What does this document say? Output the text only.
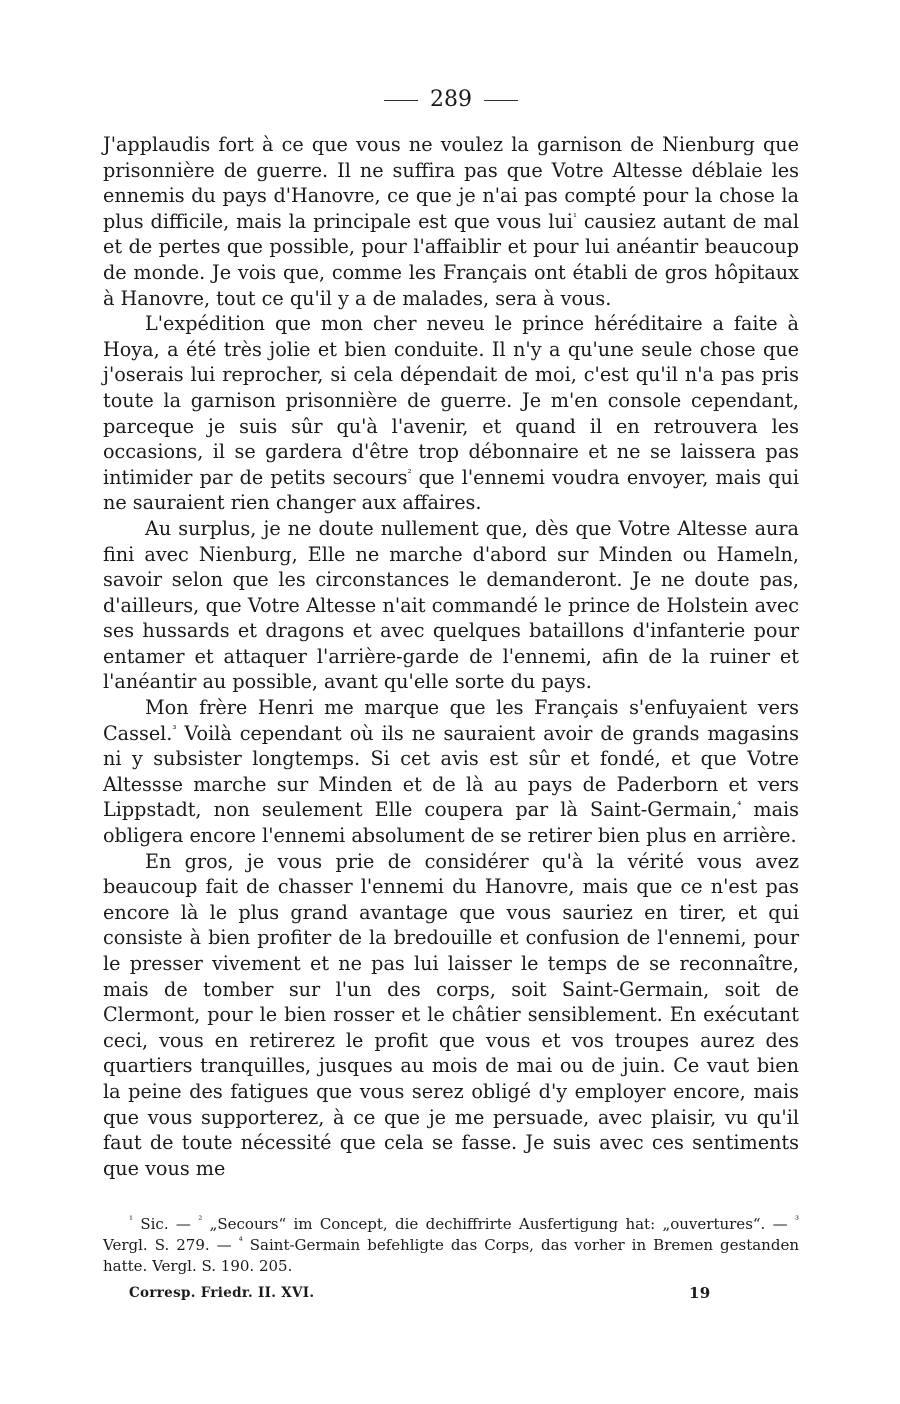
289

J'applaudis fort à ce que vous ne voulez la garnison de Nienburg que prisonnière de guerre. Il ne suffira pas que Votre Altesse déblaie les ennemis du pays d'Hanovre, ce que je n'ai pas compté pour la chose la plus difficile, mais la principale est que vous lui$^{^1}$ causiez autant de mal et de pertes que possible, pour l'affaiblir et pour lui anéantir beaucoup de monde. Je vois que, comme les Français ont établi de gros hôpitaux à Hanovre, tout ce qu'il y a de malades, sera à vous.

L'expédition que mon cher neveu le prince héréditaire a faite à Hoya, a été très jolie et bien conduite. Il n'y a qu'une seule chose que j'oserais lui reprocher, si cela dépendait de moi, c'est qu'il n'a pas pris toute la garnison prisonnière de guerre. Je m'en console cependant, parceque je suis sûr qu'à l'avenir, et quand il en retrouvera les occasions, il se gardera d'être trop débonnaire et ne se laissera pas intimider par de petits secours$^{^2}$ que l'ennemi voudra envoyer, mais qui ne sauraient rien changer aux affaires.

Au surplus, je ne doute nullement que, dès que Votre Altesse aura fini avec Nienburg, Elle ne marche d'abord sur Minden ou Hameln, savoir selon que les circonstances le demanderont. Je ne doute pas, d'ailleurs, que Votre Altesse n'ait commandé le prince de Holstein avec ses hussards et dragons et avec quelques bataillons d'infanterie pour entamer et attaquer l'arrière-garde de l'ennemi, afin de la ruiner et l'anéantir au possible, avant qu'elle sorte du pays.

Mon frère Henri me marque que les Français s'enfuyaient vers Cassel.$^{^3}$ Voilà cependant où ils ne sauraient avoir de grands magasins ni y subsister longtemps. Si cet avis est sûr et fondé, et que Votre Altessse marche sur Minden et de là au pays de Paderborn et vers Lippstadt, non seulement Elle coupera par là Saint-Germain,$^{^4}$ mais obligera encore l'ennemi absolument de se retirer bien plus en arrière.

En gros, je vous prie de considérer qu'à la vérité vous avez beaucoup fait de chasser l'ennemi du Hanovre, mais que ce n'est pas encore là le plus grand avantage que vous sauriez en tirer, et qui consiste à bien profiter de la bredouille et confusion de l'ennemi, pour le presser vivement et ne pas lui laisser le temps de se reconnaître, mais de tomber sur l'un des corps, soit Saint-Germain, soit de Clermont, pour le bien rosser et le châtier sensiblement. En exécutant ceci, vous en retirerez le profit que vous et vos troupes aurez des quartiers tranquilles, jusques au mois de mai ou de juin. Ce vaut bien la peine des fatigues que vous serez obligé d'y employer encore, mais que vous supporterez, à ce que je me persuade, avec plaisir, vu qu'il faut de toute nécessité que cela se fasse. Je suis avec ces sentiments que vous me

$^{^1}$ Sic. — $^{^2}$ „Secours“ im Concept, die dechiffrirte Ausfertigung hat: „ouvertures“. — $^{^3}$ Vergl. S. 279. — $^{^4}$ Saint-Germain befehligte das Corps, das vorher in Bremen gestanden hatte. Vergl. S. 190. 205.

Corresp. Friedr. II. XVI.	19
